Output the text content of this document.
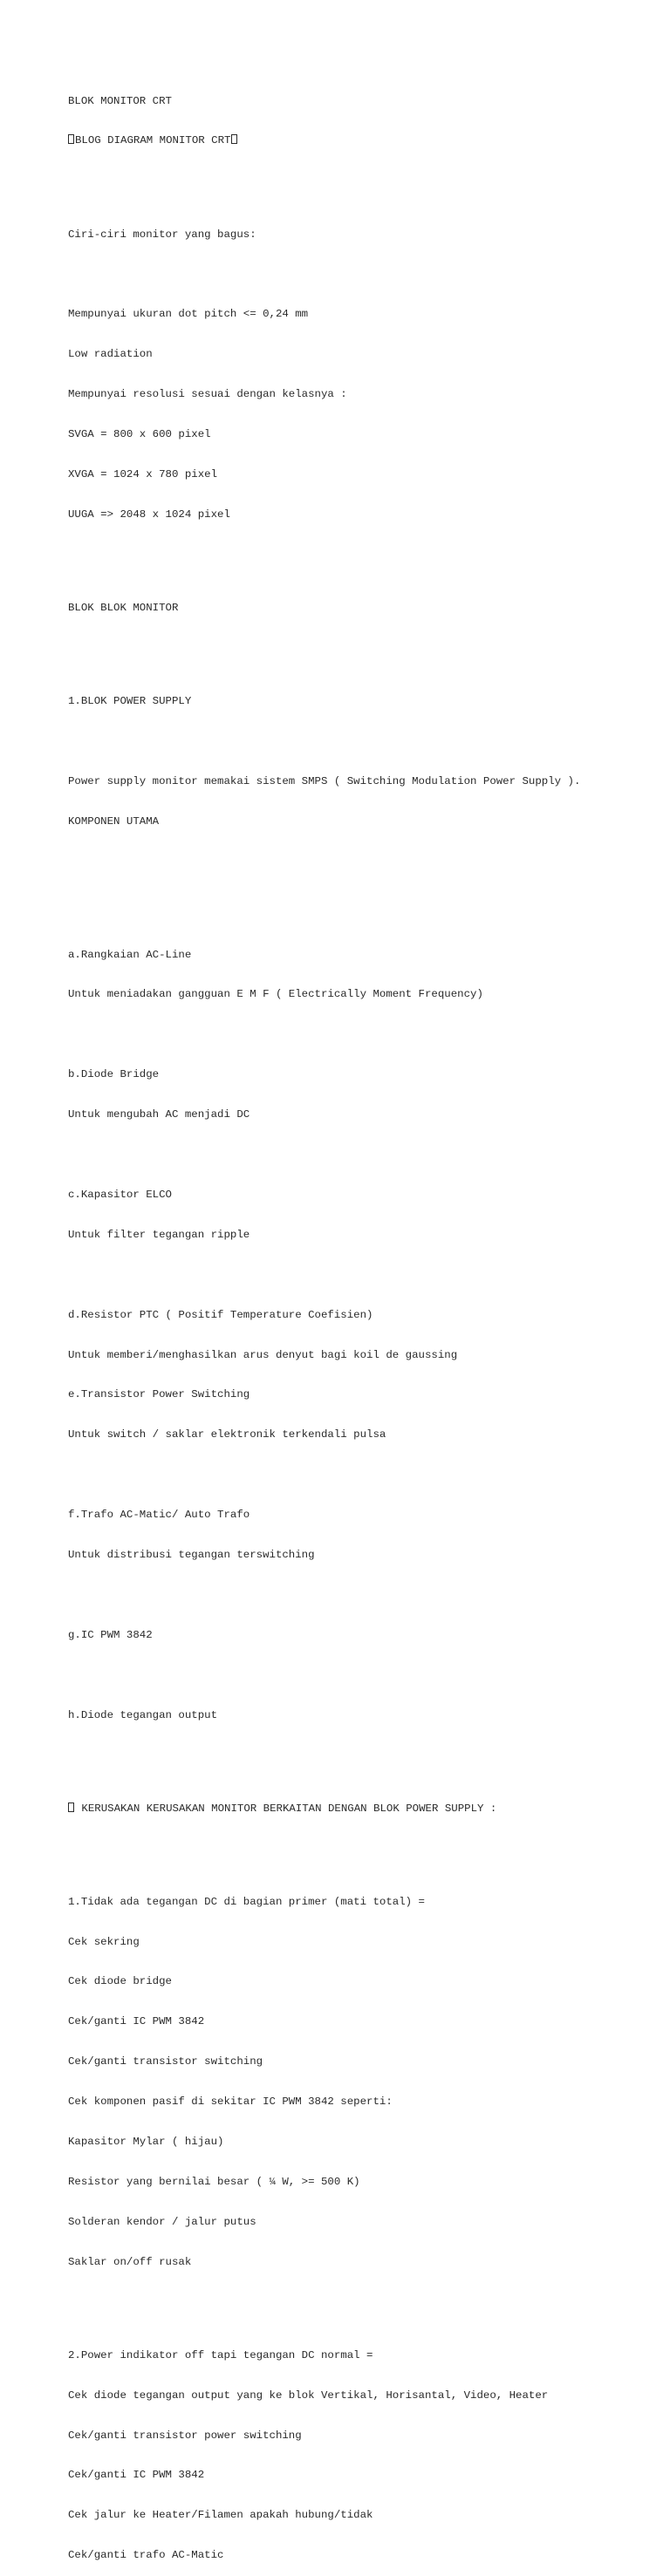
BLOK MONITOR CRT

BLOG DIAGRAM MONITOR CRT

Ciri-ciri monitor yang bagus:

Mempunyai ukuran dot pitch <= 0,24 mm

Low radiation

Mempunyai resolusi sesuai dengan kelasnya :

SVGA = 800 x 600 pixel

XVGA = 1024 x 780 pixel

UUGA => 2048 x 1024 pixel

BLOK BLOK MONITOR

1.BLOK POWER SUPPLY

Power supply monitor memakai sistem SMPS ( Switching Modulation Power Supply ).

KOMPONEN UTAMA

a.Rangkaian AC-Line

Untuk meniadakan gangguan E M F ( Electrically Moment Frequency)

b.Diode Bridge

Untuk mengubah AC menjadi DC

c.Kapasitor ELCO

Untuk filter tegangan ripple

d.Resistor PTC ( Positif Temperature Coefisien)

Untuk memberi/menghasilkan arus denyut bagi koil de gaussing

e.Transistor Power Switching

Untuk switch / saklar elektronik terkendali pulsa

f.Trafo AC-Matic/ Auto Trafo

Untuk distribusi tegangan terswitching

g.IC PWM 3842

h.Diode tegangan output

KERUSAKAN KERUSAKAN MONITOR BERKAITAN DENGAN BLOK POWER SUPPLY :

1.Tidak ada tegangan DC di bagian primer (mati total) =

Cek sekring

Cek diode bridge

Cek/ganti IC PWM 3842

Cek/ganti transistor switching

Cek komponen pasif di sekitar IC PWM 3842 seperti:

Kapasitor Mylar ( hijau)

Resistor yang bernilai besar ( ¼ W, >= 500 K)

Solderan kendor / jalur putus

Saklar on/off rusak

2.Power indikator off tapi tegangan DC normal =

Cek diode tegangan output yang ke blok Vertikal, Horisantal, Video, Heater

Cek/ganti transistor power switching

Cek/ganti IC PWM 3842

Cek jalur ke Heater/Filamen apakah hubung/tidak

Cek/ganti trafo AC-Matic
